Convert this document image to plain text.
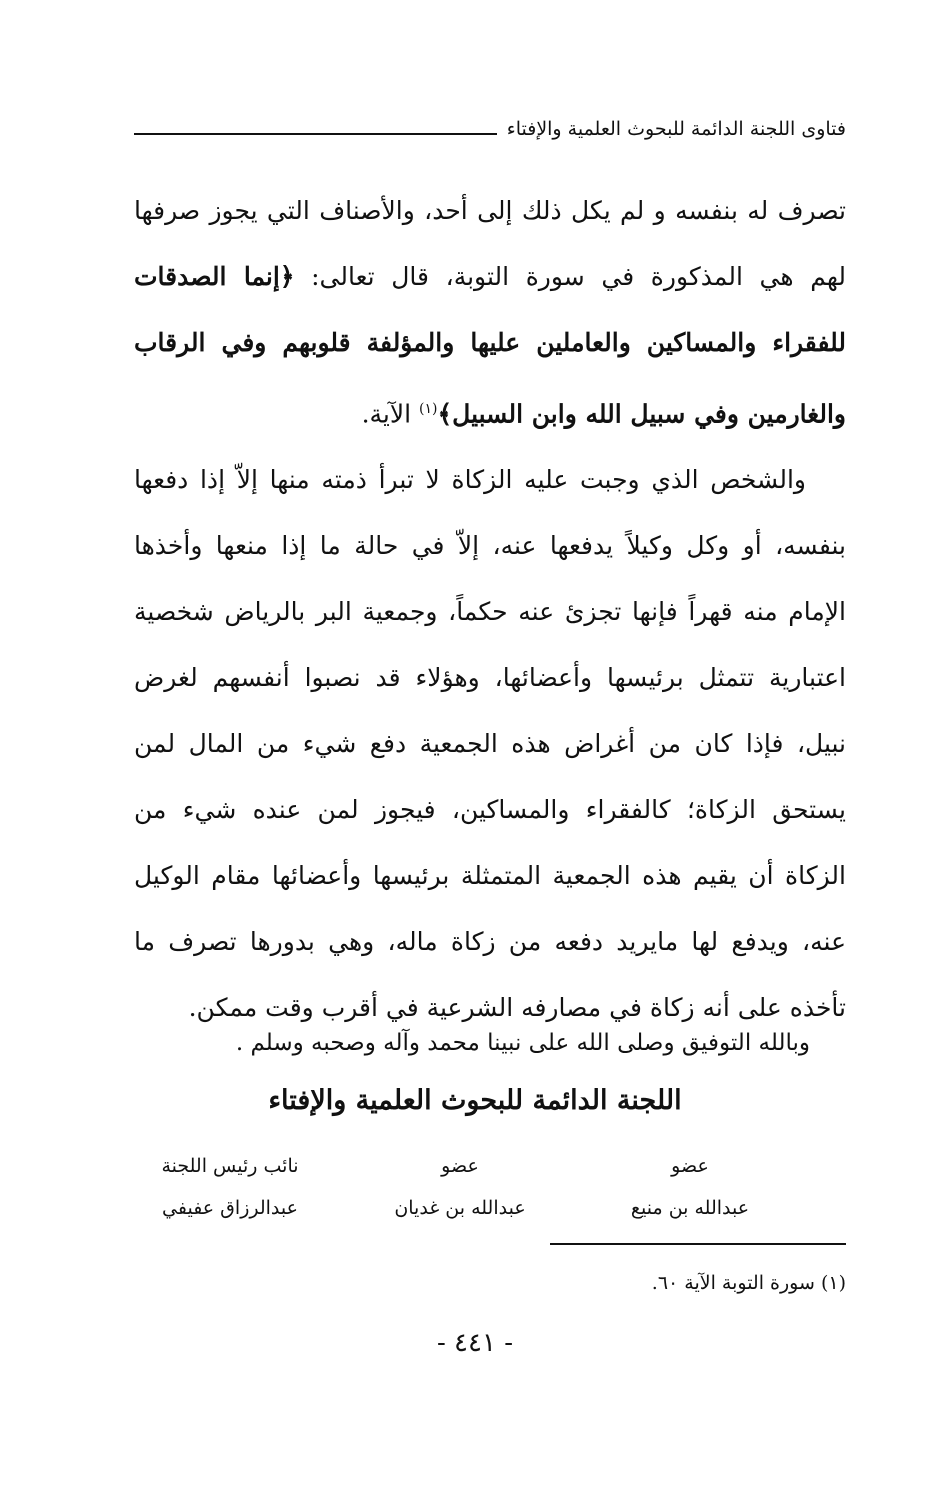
فتاوى اللجنة الدائمة للبحوث العلمية والإفتاء

تصرف له بنفسه و لم يكل ذلك إلى أحد، والأصناف التي يجوز صرفها لهم هي المذكورة في سورة التوبة، قال تعالى: ﴿إنما الصدقات للفقراء والمساكين والعاملين عليها والمؤلفة قلوبهم وفي الرقاب والغارمين وفي سبيل الله وابن السبيل﴾$^{(١)}$ الآية.

والشخص الذي وجبت عليه الزكاة لا تبرأ ذمته منها إلاّ إذا دفعها بنفسه، أو وكل وكيلاً يدفعها عنه، إلاّ في حالة ما إذا منعها وأخذها الإمام منه قهراً فإنها تجزئ عنه حكماً، وجمعية البر بالرياض شخصية اعتبارية تتمثل برئيسها وأعضائها، وهؤلاء قد نصبوا أنفسهم لغرض نبيل، فإذا كان من أغراض هذه الجمعية دفع شيء من المال لمن يستحق الزكاة؛ كالفقراء والمساكين، فيجوز لمن عنده شيء من الزكاة أن يقيم هذه الجمعية المتمثلة برئيسها وأعضائها مقام الوكيل عنه، ويدفع لها مايريد دفعه من زكاة ماله، وهي بدورها تصرف ما تأخذه على أنه زكاة في مصارفه الشرعية في أقرب وقت ممكن.

وبالله التوفيق وصلى الله على نبينا محمد وآله وصحبه وسلم .
اللجنة الدائمة للبحوث العلمية والإفتاء
عضو
عبدالله بن منيع
عضو
عبدالله بن غديان
نائب رئيس اللجنة
عبدالرزاق عفيفي
(١) سورة التوبة الآية ٦٠.
- ٤٤١ -
